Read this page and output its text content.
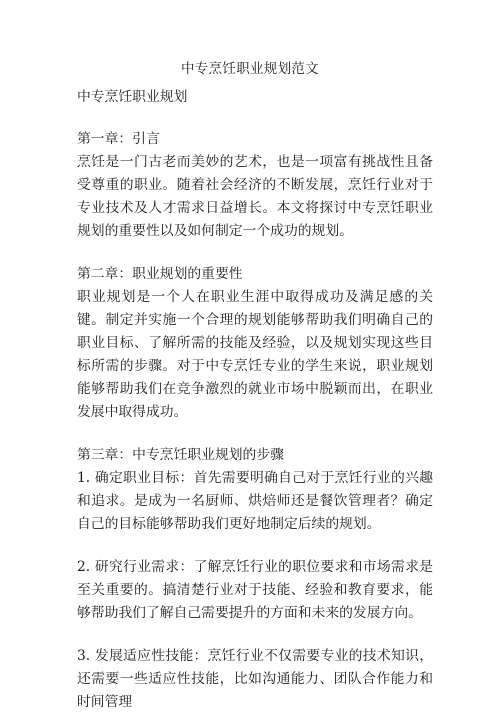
中专烹饪职业规划范文

中专烹饪职业规划

第一章：引言

烹饪是一门古老而美妙的艺术，也是一项富有挑战性且备受尊重的职业。随着社会经济的不断发展，烹饪行业对于专业技术及人才需求日益增长。本文将探讨中专烹饪职业规划的重要性以及如何制定一个成功的规划。

第二章：职业规划的重要性

职业规划是一个人在职业生涯中取得成功及满足感的关键。制定并实施一个合理的规划能够帮助我们明确自己的职业目标、了解所需的技能及经验，以及规划实现这些目标所需的步骤。对于中专烹饪专业的学生来说，职业规划能够帮助我们在竞争激烈的就业市场中脱颖而出，在职业发展中取得成功。

第三章：中专烹饪职业规划的步骤

1. 确定职业目标：首先需要明确自己对于烹饪行业的兴趣和追求。是成为一名厨师、烘焙师还是餐饮管理者？确定自己的目标能够帮助我们更好地制定后续的规划。

2. 研究行业需求：了解烹饪行业的职位要求和市场需求是至关重要的。搞清楚行业对于技能、经验和教育要求，能够帮助我们了解自己需要提升的方面和未来的发展方向。

3. 发展适应性技能：烹饪行业不仅需要专业的技术知识，还需要一些适应性技能，比如沟通能力、团队合作能力和时间管理
